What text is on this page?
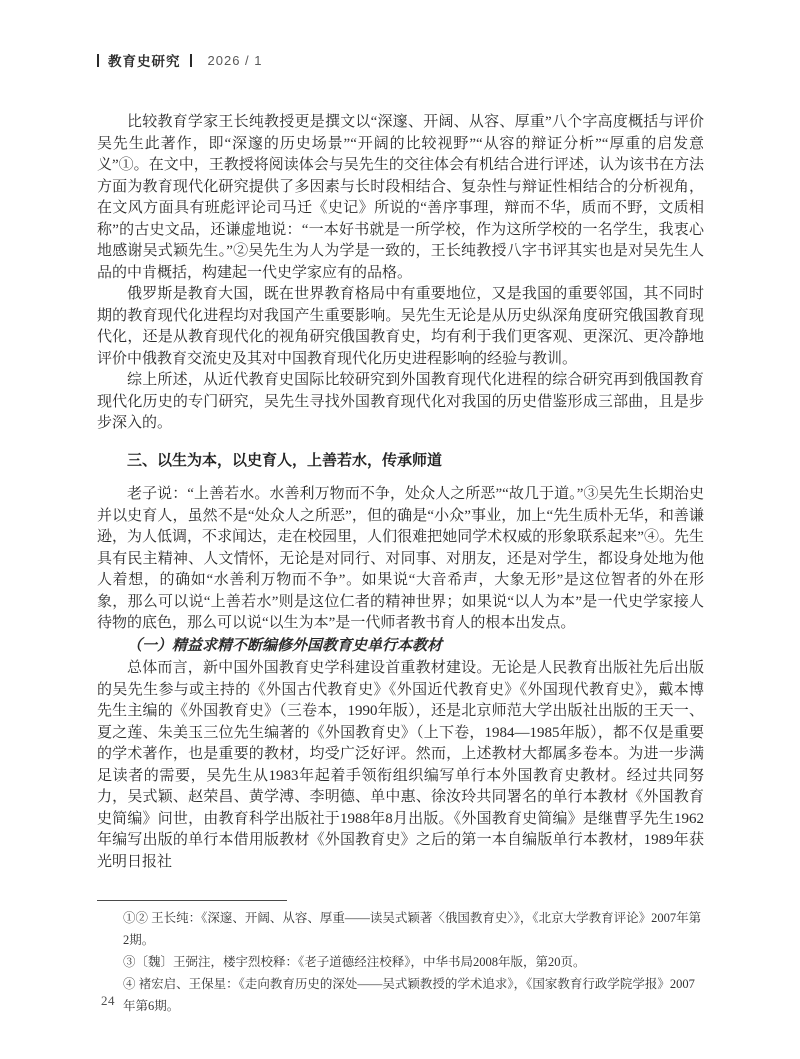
教育史研究 2026 / 1

比较教育学家王长纯教授更是撰文以“深邃、开阔、从容、厚重”八个字高度概括与评价吴先生此著作，即“深邃的历史场景”“开阔的比较视野”“从容的辩证分析”“厚重的启发意义”①。在文中，王教授将阅读体会与吴先生的交往体会有机结合进行评述，认为该书在方法方面为教育现代化研究提供了多因素与长时段相结合、复杂性与辩证性相结合的分析视角，在文风方面具有班彪评论司马迁《史记》所说的“善序事理，辩而不华，质而不野，文质相称”的古史文品，还谦虚地说：“一本好书就是一所学校，作为这所学校的一名学生，我衷心地感谢吴式颖先生。”②吴先生为人为学是一致的，王长纯教授八字书评其实也是对吴先生人品的中肯概括，构建起一代史学家应有的品格。

俄罗斯是教育大国，既在世界教育格局中有重要地位，又是我国的重要邻国，其不同时期的教育现代化进程均对我国产生重要影响。吴先生无论是从历史纵深角度研究俄国教育现代化，还是从教育现代化的视角研究俄国教育史，均有利于我们更客观、更深沉、更冷静地评价中俄教育交流史及其对中国教育现代化历史进程影响的经验与教训。

综上所述，从近代教育史国际比较研究到外国教育现代化进程的综合研究再到俄国教育现代化历史的专门研究，吴先生寻找外国教育现代化对我国的历史借鉴形成三部曲，且是步步深入的。

三、以生为本，以史育人，上善若水，传承师道

老子说：“上善若水。水善利万物而不争，处众人之所恶”“故几于道。”③吴先生长期治史并以史育人，虽然不是“处众人之所恶”，但的确是“小众”事业，加上“先生质朴无华，和善谦逊，为人低调，不求闻达，走在校园里，人们很难把她同学术权威的形象联系起来”④。先生具有民主精神、人文情怀，无论是对同行、对同事、对朋友，还是对学生，都设身处地为他人着想，的确如“水善利万物而不争”。如果说“大音希声，大象无形”是这位智者的外在形象，那么可以说“上善若水”则是这位仁者的精神世界；如果说“以人为本”是一代史学家接人待物的底色，那么可以说“以生为本”是一代师者教书育人的根本出发点。

（一）精益求精不断编修外国教育史单行本教材

总体而言，新中国外国教育史学科建设首重教材建设。无论是人民教育出版社先后出版的吴先生参与或主持的《外国古代教育史》《外国近代教育史》《外国现代教育史》，戴本博先生主编的《外国教育史》（三卷本，1990年版），还是北京师范大学出版社出版的王天一、夏之莲、朱美玉三位先生编著的《外国教育史》（上下卷，1984—1985年版），都不仅是重要的学术著作，也是重要的教材，均受广泛好评。然而，上述教材大都属多卷本。为进一步满足读者的需要，吴先生从1983年起着手领衔组织编写单行本外国教育史教材。经过共同努力，吴式颖、赵荣昌、黄学溥、李明德、单中惠、徐汝玲共同署名的单行本教材《外国教育史简编》问世，由教育科学出版社于1988年8月出版。《外国教育史简编》是继曹孚先生1962年编写出版的单行本借用版教材《外国教育史》之后的第一本自编版单行本教材，1989年获光明日报社

①② 王长纯：《深邃、开阔、从容、厚重——读吴式颖著〈俄国教育史〉》，《北京大学教育评论》2007年第2期。

③〔魏〕王弼注，楼宇烈校释：《老子道德经注校释》，中华书局2008年版，第20页。

④ 褚宏启、王保星：《走向教育历史的深处——吴式颖教授的学术追求》，《国家教育行政学院学报》2007年第6期。

24
